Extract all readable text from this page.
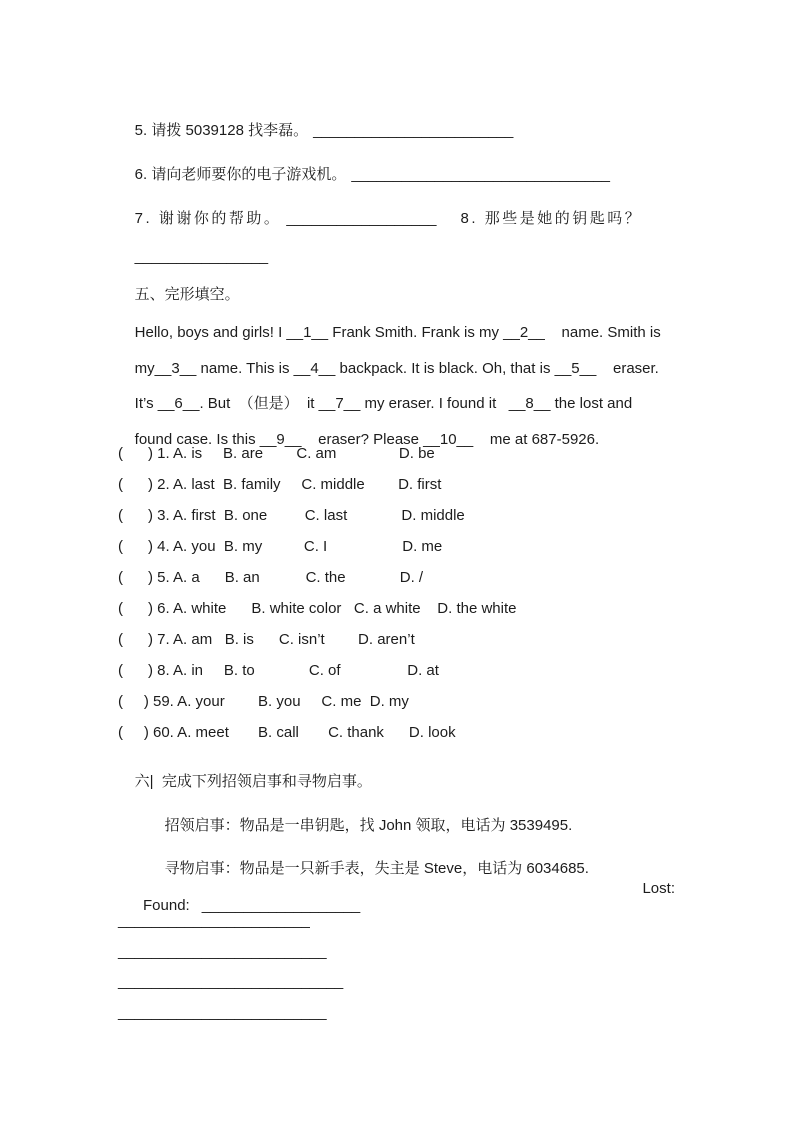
5. 请拨 5039128 找李磊。 ________________________

6. 请向老师要你的电子游戏机。 _______________________________

7. 谢谢你的帮助。 __________________ 8. 那些是她的钥匙吗？

________________

五、完形填空。

Hello, boys and girls! I __1__ Frank Smith. Frank is my __2__    name. Smith is

my__3__ name. This is __4__ backpack. It is black. Oh, that is __5__    eraser.

It’s __6__. But  （但是）  it __7__ my eraser. I found it   __8__ the lost and

found case. Is this __9__    eraser? Please __10__    me at 687-5926.

(      ) 1. A. is     B. are        C. am               D. be
(      ) 2. A. last  B. family     C. middle        D. first
(      ) 3. A. first  B. one         C. last             D. middle
(      ) 4. A. you  B. my          C. I                  D. me
(      ) 5. A. a      B. an           C. the             D. /
(      ) 6. A. white      B. white color   C. a white    D. the white
(      ) 7. A. am   B. is      C. isn’t        D. aren’t
(      ) 8. A. in     B. to             C. of                D. at
(     ) 59. A. your        B. you     C. me  D. my
(     ) 60. A. meet       B. call       C. thank      D. look

六|  完成下列招领启事和寻物启事。

招领启事：物品是一串钥匙，找 John 领取，电话为 3539495.

寻物启事：物品是一只新手表，失主是 Steve，电话为 6034685.

Found: ___________________

Lost:
_______________________
_________________________
___________________________
_________________________
